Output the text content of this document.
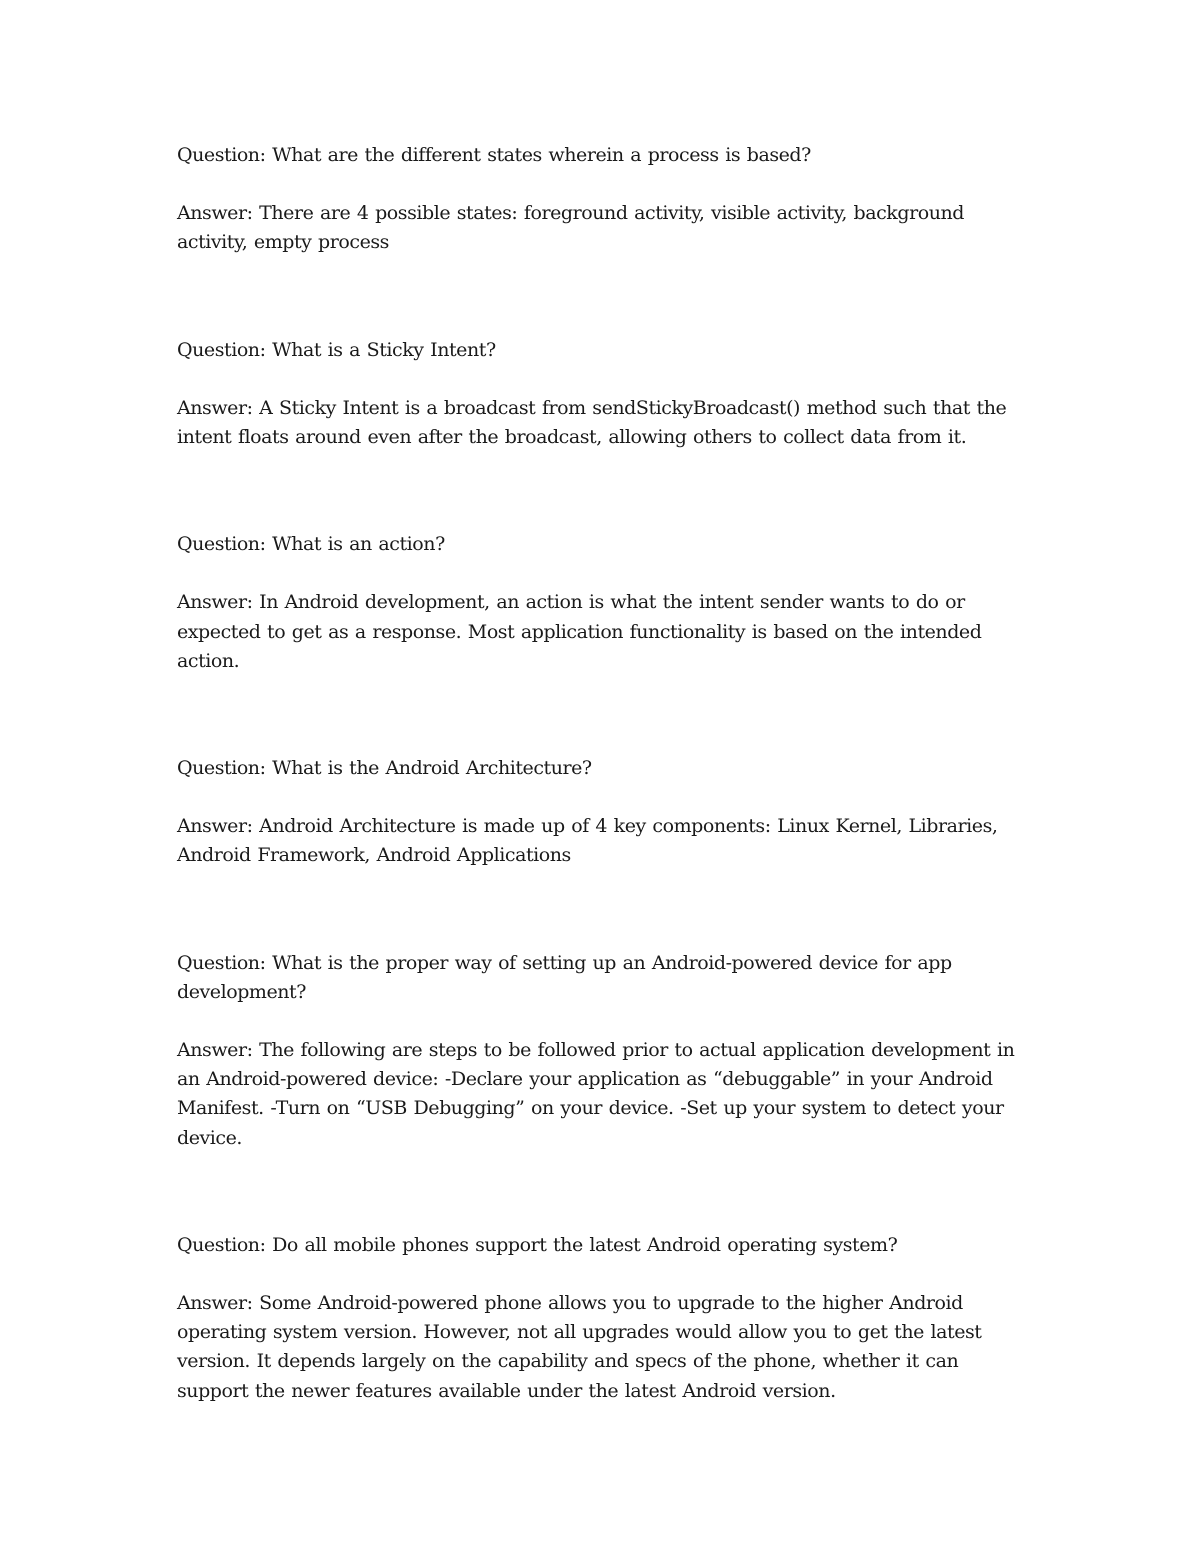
Question: What are the different states wherein a process is based?

Answer: There are 4 possible states: foreground activity, visible activity, background activity, empty process

Question: What is a Sticky Intent?

Answer: A Sticky Intent is a broadcast from sendStickyBroadcast() method such that the intent floats around even after the broadcast, allowing others to collect data from it.

Question: What is an action?

Answer: In Android development, an action is what the intent sender wants to do or expected to get as a response. Most application functionality is based on the intended action.

Question: What is the Android Architecture?

Answer: Android Architecture is made up of 4 key components: Linux Kernel, Libraries, Android Framework, Android Applications

Question: What is the proper way of setting up an Android-powered device for app development?

Answer: The following are steps to be followed prior to actual application development in an Android-powered device: -Declare your application as “debuggable” in your Android Manifest. -Turn on “USB Debugging” on your device. -Set up your system to detect your device.

Question: Do all mobile phones support the latest Android operating system?

Answer: Some Android-powered phone allows you to upgrade to the higher Android operating system version. However, not all upgrades would allow you to get the latest version. It depends largely on the capability and specs of the phone, whether it can support the newer features available under the latest Android version.
